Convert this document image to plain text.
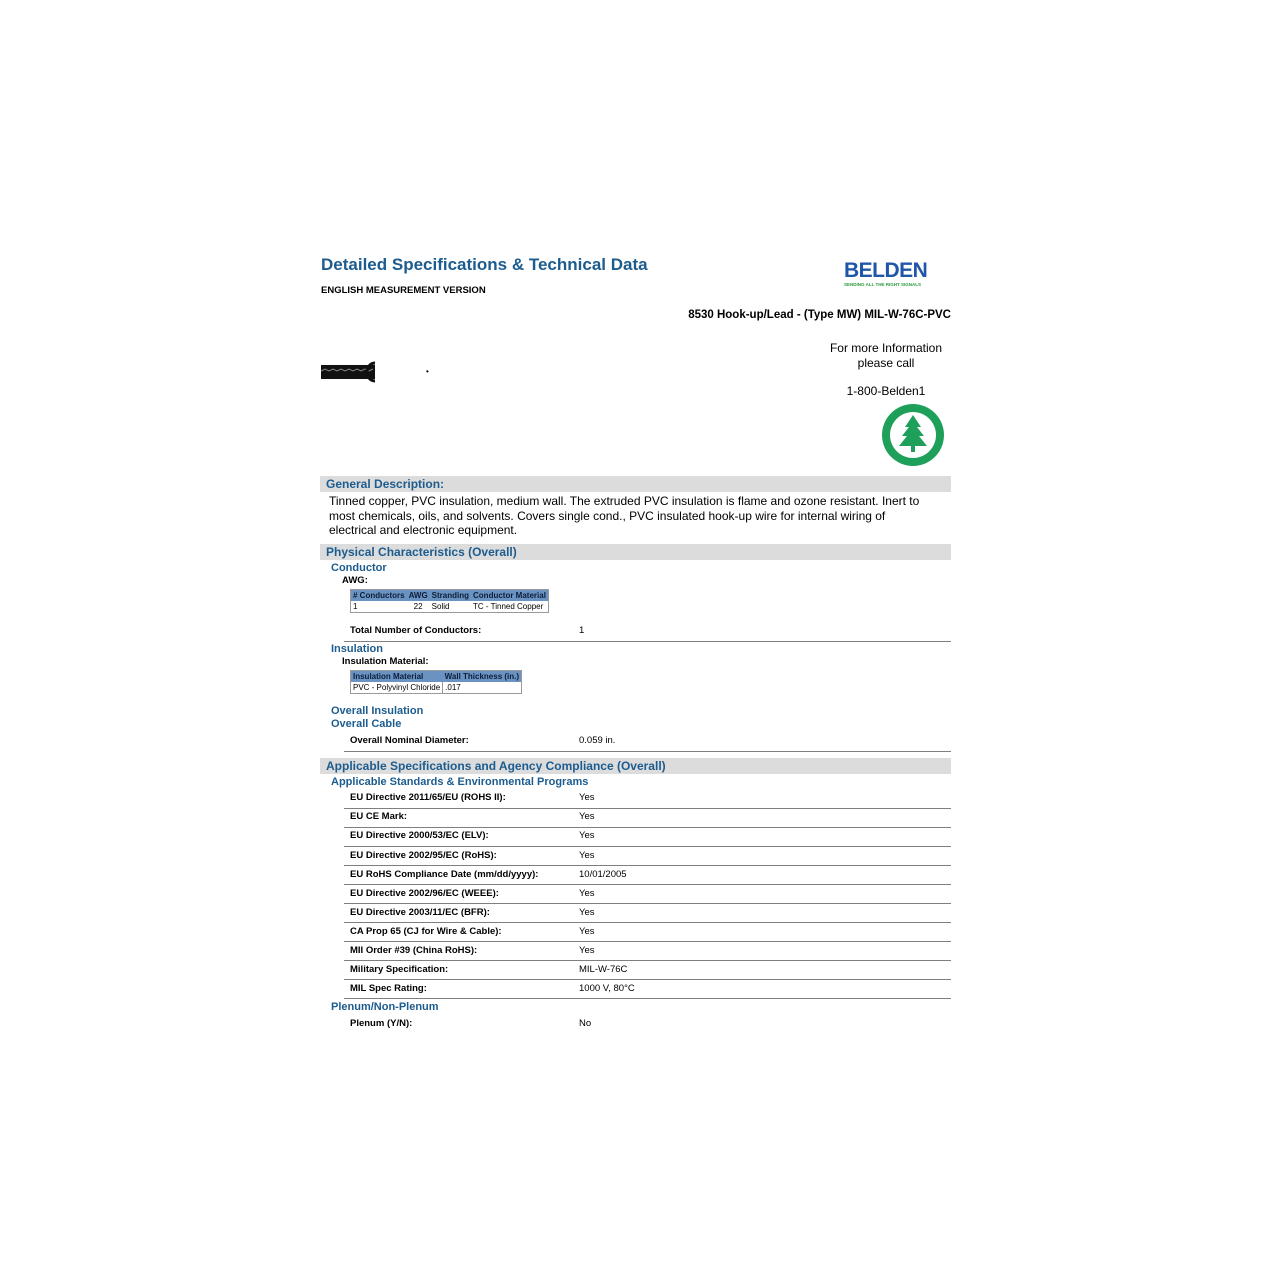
Detailed Specifications & Technical Data
ENGLISH MEASUREMENT VERSION
BELDEN
SENDING ALL THE RIGHT SIGNALS
8530 Hook-up/Lead - (Type MW) MIL-W-76C-PVC
For more Information
please call
1-800-Belden1
•
General Description:
Tinned copper, PVC insulation, medium wall. The extruded PVC insulation is flame and ozone resistant. Inert to most chemicals, oils, and solvents. Covers single cond., PVC insulated hook-up wire for internal wiring of electrical and electronic equipment.
Physical Characteristics (Overall)
Conductor
AWG:
# Conductors	AWG	Stranding	Conductor Material
1	22	Solid	TC - Tinned Copper
Total Number of Conductors:	1
Insulation
Insulation Material:
Insulation Material	Wall Thickness (in.)
PVC - Polyvinyl Chloride	.017
Overall Insulation
Overall Cable
Overall Nominal Diameter:	0.059 in.
Applicable Specifications and Agency Compliance (Overall)
Applicable Standards & Environmental Programs
EU Directive 2011/65/EU (ROHS II):	Yes
EU CE Mark:	Yes
EU Directive 2000/53/EC (ELV):	Yes
EU Directive 2002/95/EC (RoHS):	Yes
EU RoHS Compliance Date (mm/dd/yyyy):	10/01/2005
EU Directive 2002/96/EC (WEEE):	Yes
EU Directive 2003/11/EC (BFR):	Yes
CA Prop 65 (CJ for Wire & Cable):	Yes
MII Order #39 (China RoHS):	Yes
Military Specification:	MIL-W-76C
MIL Spec Rating:	1000 V, 80°C
Plenum/Non-Plenum
Plenum (Y/N):	No
